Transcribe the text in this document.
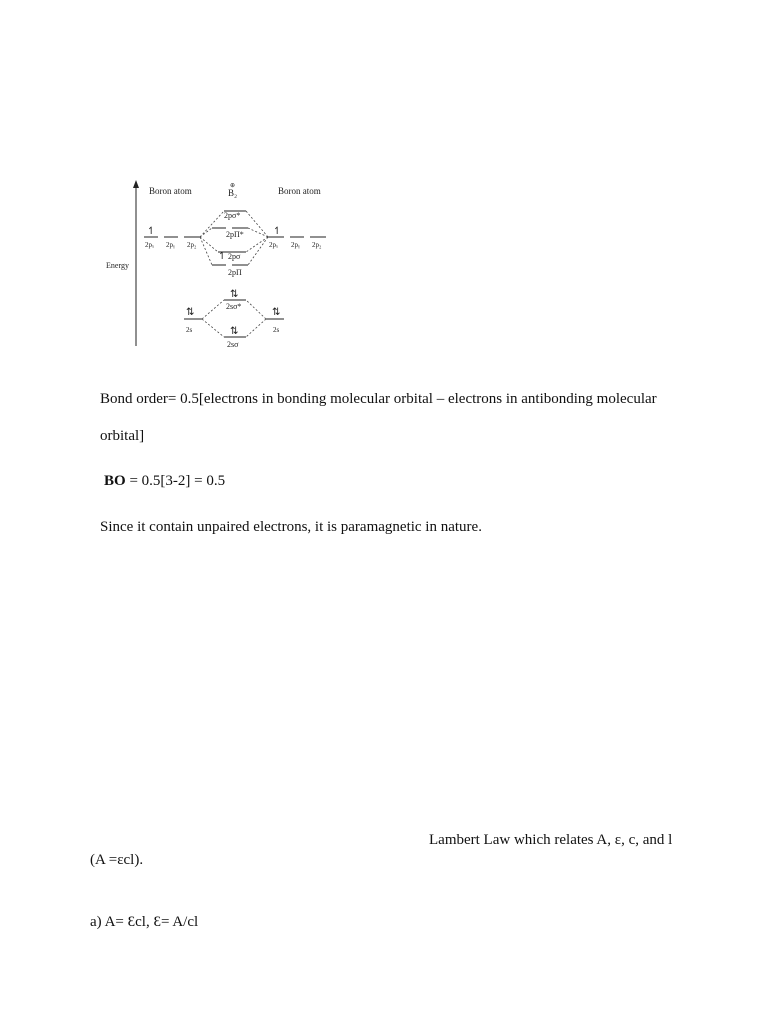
Energy
Boron atom	B₂
⊕	Boron atom
↿
2pₓ 2pᵧ 2p₂
↿
2pₓ 2pᵧ 2p₂
2pσ*
2pΠ*
↿ 2pσ
2pΠ
⇅
2s
⇅
2s
⇅
2sσ*
⇅
2sσ
Bond order= 0.5[electrons in bonding molecular orbital – electrons in antibonding molecular
orbital]
BO = 0.5[3-2] = 0.5
Since it contain unpaired electrons, it is paramagnetic in nature.
Lambert Law which relates A, ε, c, and l
(A =εcl).
a) A= Ɛcl, Ɛ= A/cl
